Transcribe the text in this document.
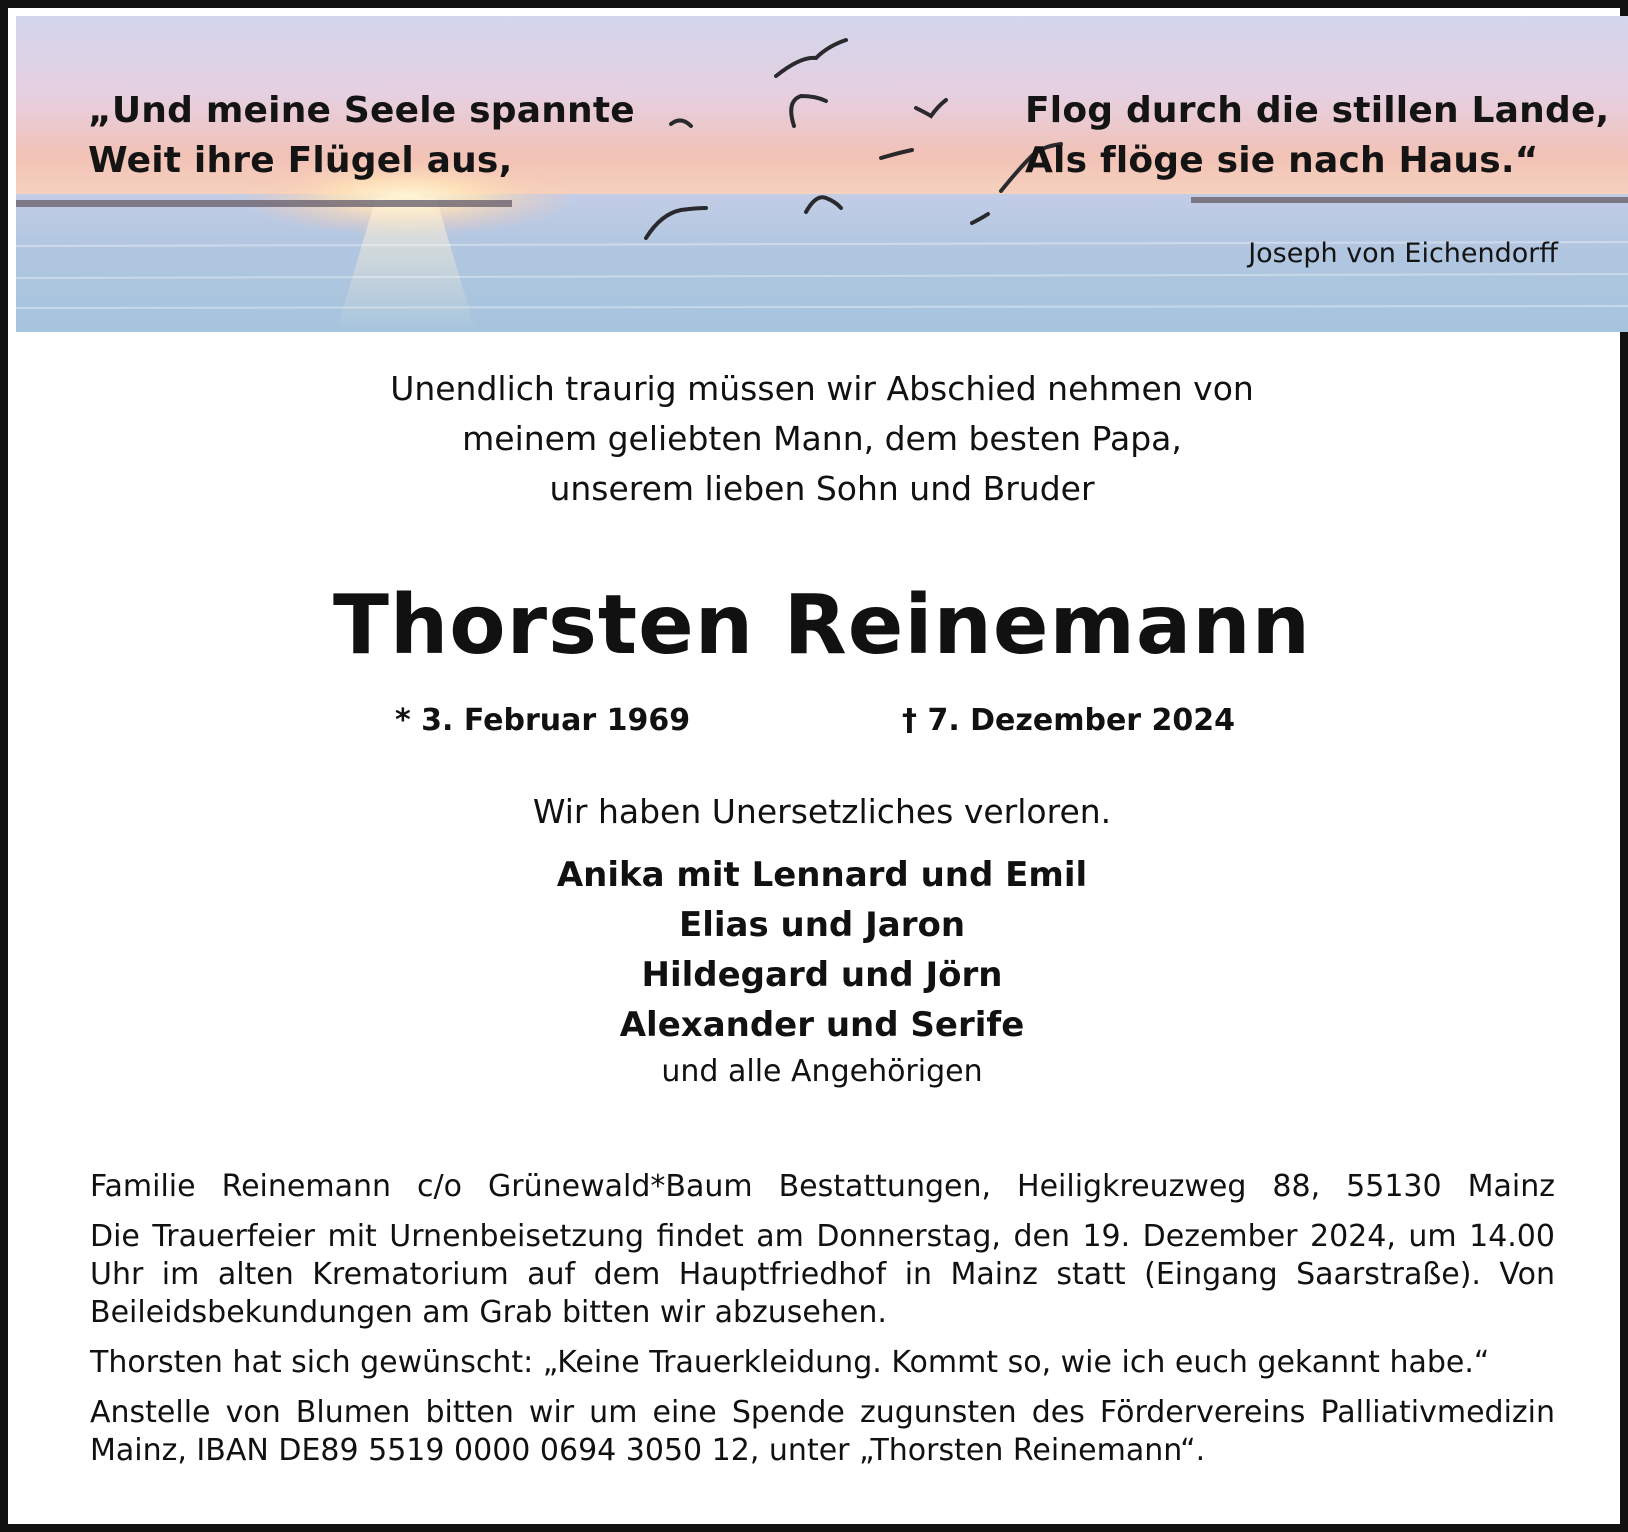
„Und meine Seele spannte
Weit ihre Flügel aus,
Flog durch die stillen Lande,
Als flöge sie nach Haus.“
Joseph von Eichendorff
Unendlich traurig müssen wir Abschied nehmen von
meinem geliebten Mann, dem besten Papa,
unserem lieben Sohn und Bruder
Thorsten Reinemann
* 3. Februar 1969	† 7. Dezember 2024
Wir haben Unersetzliches verloren.
Anika mit Lennard und Emil
Elias und Jaron
Hildegard und Jörn
Alexander und Serife
und alle Angehörigen

Familie Reinemann c/o Grünewald*Baum Bestattungen, Heiligkreuzweg 88, 55130 Mainz

Die Trauerfeier mit Urnenbeisetzung findet am Donnerstag, den 19. Dezember 2024, um 14.00 Uhr im alten Krematorium auf dem Hauptfriedhof in Mainz statt (Eingang Saarstraße). Von Beileidsbekundungen am Grab bitten wir abzusehen.

Thorsten hat sich gewünscht: „Keine Trauerkleidung. Kommt so, wie ich euch gekannt habe.“

Anstelle von Blumen bitten wir um eine Spende zugunsten des Fördervereins Palliativmedizin Mainz, IBAN DE89 5519 0000 0694 3050 12, unter „Thorsten Reinemann“.
